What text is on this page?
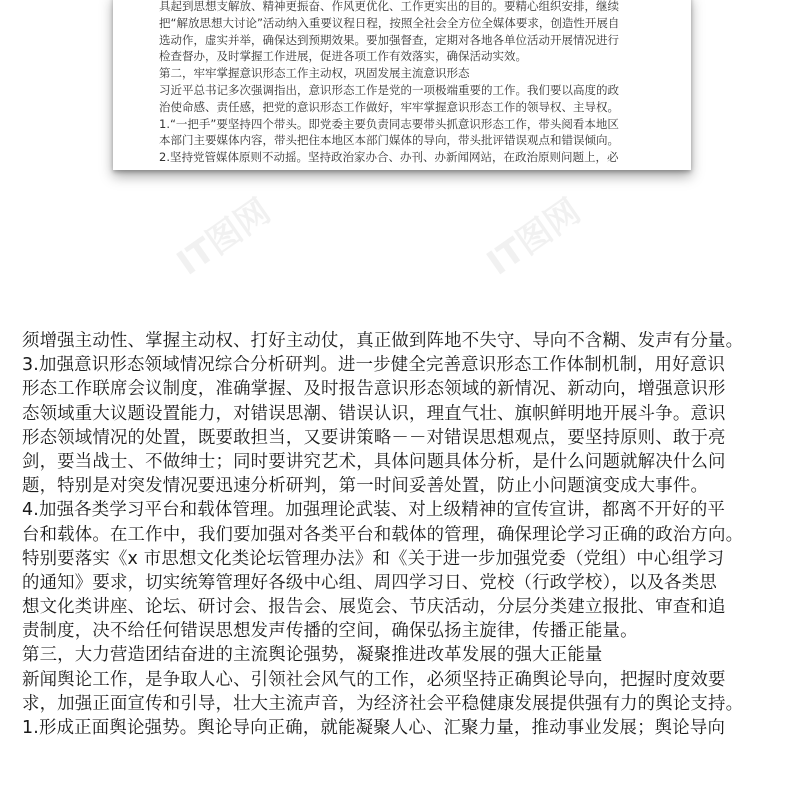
具起到思想支解放、精神更振奋、作风更优化、工作更实出的目的。要精心组织安排，继续
把“解放思想大讨论”活动纳入重要议程日程，按照全社会全方位全媒体要求，创造性开展自
选动作，虚实并举，确保达到预期效果。要加强督查，定期对各地各单位活动开展情况进行
检查督办，及时掌握工作进展，促进各项工作有效落实，确保活动实效。
第二，牢牢掌握意识形态工作主动权，巩固发展主流意识形态
习近平总书记多次强调指出，意识形态工作是党的一项极端重要的工作。我们要以高度的政
治使命感、责任感，把党的意识形态工作做好，牢牢掌握意识形态工作的领导权、主导权。
1.“一把手”要坚持四个带头。即党委主要负责同志要带头抓意识形态工作，带头阅看本地区
本部门主要媒体内容，带头把住本地区本部门媒体的导向，带头批评错误观点和错误倾向。
2.坚持党管媒体原则不动摇。坚持政治家办合、办刊、办新闻网站，在政治原则问题上，必
IT图网	IT图网
须增强主动性、掌握主动权、打好主动仗，真正做到阵地不失守、导向不含糊、发声有分量。
3.加强意识形态领域情况综合分析研判。进一步健全完善意识形态工作体制机制，用好意识
形态工作联席会议制度，准确掌握、及时报告意识形态领域的新情况、新动向，增强意识形
态领域重大议题设置能力，对错误思潮、错误认识，理直气壮、旗帜鲜明地开展斗争。意识
形态领域情况的处置，既要敢担当，又要讲策略－－对错误思想观点，要坚持原则、敢于亮
剑，要当战士、不做绅士；同时要讲究艺术，具体问题具体分析，是什么问题就解决什么问
题，特别是对突发情况要迅速分析研判，第一时间妥善处置，防止小问题演变成大事件。
4.加强各类学习平台和载体管理。加强理论武装、对上级精神的宣传宣讲，都离不开好的平
台和载体。在工作中，我们要加强对各类平台和载体的管理，确保理论学习正确的政治方向。
特别要落实《x 市思想文化类论坛管理办法》和《关于进一步加强党委（党组）中心组学习
的通知》要求，切实统筹管理好各级中心组、周四学习日、党校（行政学校），以及各类思
想文化类讲座、论坛、研讨会、报告会、展览会、节庆活动，分层分类建立报批、审查和追
责制度，决不给任何错误思想发声传播的空间，确保弘扬主旋律，传播正能量。
第三，大力营造团结奋进的主流舆论强势，凝聚推进改革发展的强大正能量
新闻舆论工作，是争取人心、引领社会风气的工作，必须坚持正确舆论导向，把握时度效要
求，加强正面宣传和引导，壮大主流声音，为经济社会平稳健康发展提供强有力的舆论支持。
1.形成正面舆论强势。舆论导向正确，就能凝聚人心、汇聚力量，推动事业发展；舆论导向
